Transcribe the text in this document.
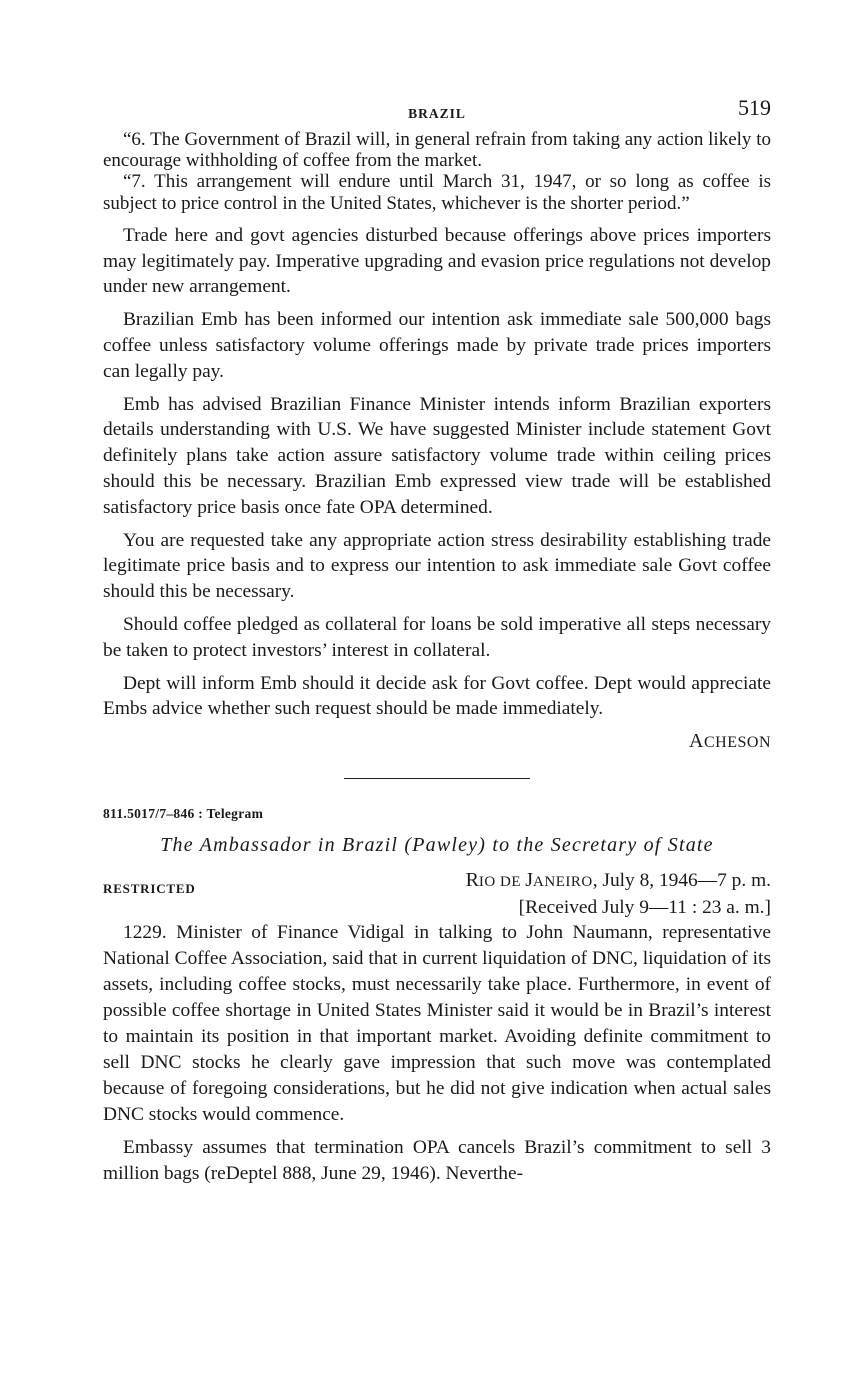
BRAZIL	519

“6. The Government of Brazil will, in general refrain from taking any action likely to encourage withholding of coffee from the market.

“7. This arrangement will endure until March 31, 1947, or so long as coffee is subject to price control in the United States, whichever is the shorter period.”

Trade here and govt agencies disturbed because offerings above prices importers may legitimately pay. Imperative upgrading and evasion price regulations not develop under new arrangement.

Brazilian Emb has been informed our intention ask immediate sale 500,000 bags coffee unless satisfactory volume offerings made by private trade prices importers can legally pay.

Emb has advised Brazilian Finance Minister intends inform Brazilian exporters details understanding with U.S. We have suggested Minister include statement Govt definitely plans take action assure satisfactory volume trade within ceiling prices should this be necessary. Brazilian Emb expressed view trade will be established satisfactory price basis once fate OPA determined.

You are requested take any appropriate action stress desirability establishing trade legitimate price basis and to express our intention to ask immediate sale Govt coffee should this be necessary.

Should coffee pledged as collateral for loans be sold imperative all steps necessary be taken to protect investors’ interest in collateral.

Dept will inform Emb should it decide ask for Govt coffee. Dept would appreciate Embs advice whether such request should be made immediately.

ACHESON
811.5017/7–846 : Telegram
The Ambassador in Brazil (Pawley) to the Secretary of State
RESTRICTED	RIO DE JANEIRO, July 8, 1946—7 p. m.
[Received July 9—11 : 23 a. m.]

1229. Minister of Finance Vidigal in talking to John Naumann, representative National Coffee Association, said that in current liquidation of DNC, liquidation of its assets, including coffee stocks, must necessarily take place. Furthermore, in event of possible coffee shortage in United States Minister said it would be in Brazil’s interest to maintain its position in that important market. Avoiding definite commitment to sell DNC stocks he clearly gave impression that such move was contemplated because of foregoing considerations, but he did not give indication when actual sales DNC stocks would commence.

Embassy assumes that termination OPA cancels Brazil’s commitment to sell 3 million bags (reDeptel 888, June 29, 1946). Neverthe-
